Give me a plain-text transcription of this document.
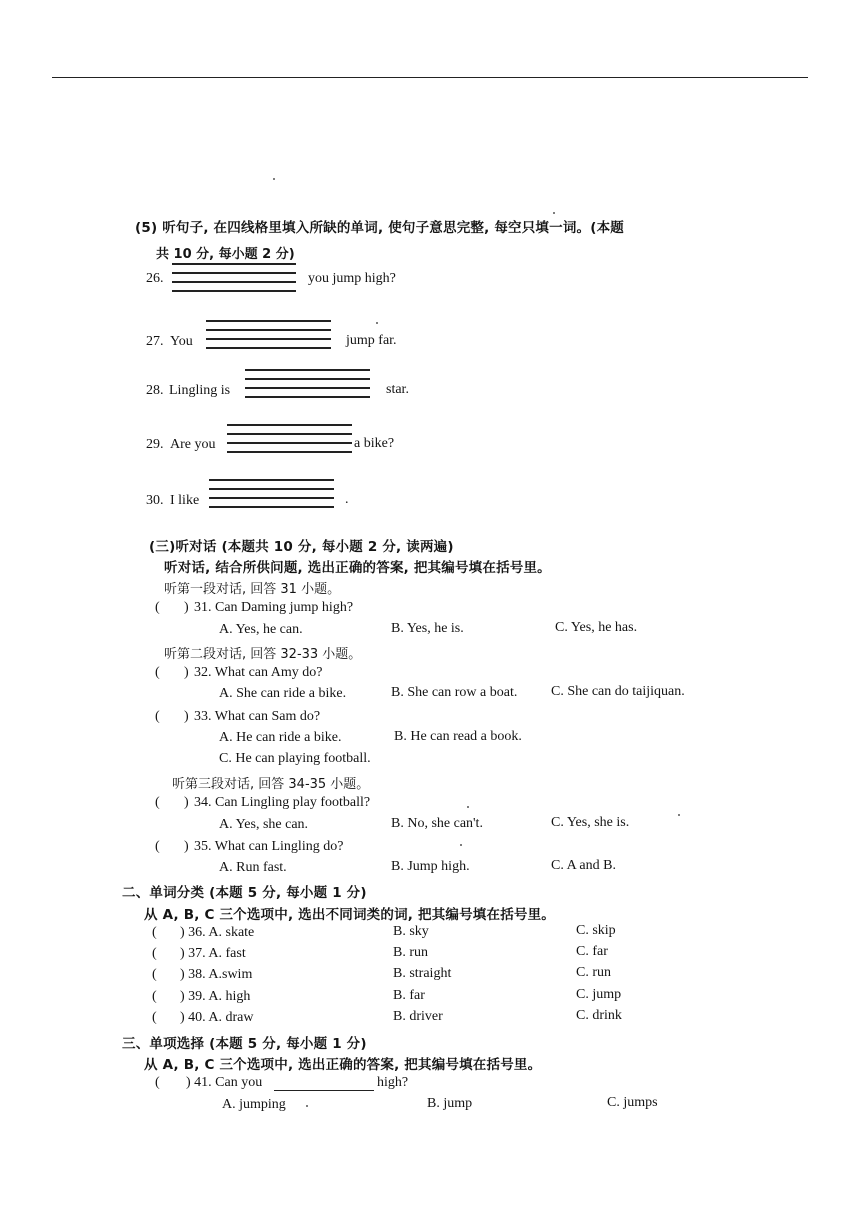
(5) 听句子, 在四线格里填入所缺的单词, 使句子意思完整, 每空只填一词。(本题
共 10 分, 每小题 2 分)
26.	you jump high?
27. You	jump far.
28. Lingling is	star.
29. Are you	a bike?
30. I like	.
(三)听对话 (本题共 10 分, 每小题 2 分, 读两遍)
听对话, 结合所供问题, 选出正确的答案, 把其编号填在括号里。
听第一段对话, 回答 31 小题。
( ) 31. Can Daming jump high?
A. Yes, he can.	B. Yes, he is.	C. Yes, he has.
听第二段对话, 回答 32-33 小题。
( ) 32. What can Amy do?
A. She can ride a bike.	B. She can row a boat. C. She can do taijiquan.
( ) 33. What can Sam do?
A. He can ride a bike.	B. He can read a book.
C. He can playing football.
听第三段对话, 回答 34-35 小题。
( ) 34. Can Lingling play football?
A. Yes, she can.	B. No, she can't.	C. Yes, she is.
( ) 35. What can Lingling do?
A. Run fast.	B. Jump high.	C. A and B.
二、单词分类 (本题 5 分, 每小题 1 分)
从 A, B, C 三个选项中, 选出不同词类的词, 把其编号填在括号里。
( ) 36. A. skate	B. sky	C. skip
( ) 37. A. fast	B. run	C. far
( ) 38. A.swim	B. straight	C. run
( ) 39. A. high	B. far	C. jump
( ) 40. A. draw	B. driver	C. drink
三、单项选择 (本题 5 分, 每小题 1 分)
从 A, B, C 三个选项中, 选出正确的答案, 把其编号填在括号里。
( ) 41. Can you	high?
A. jumping	B. jump	C. jumps
